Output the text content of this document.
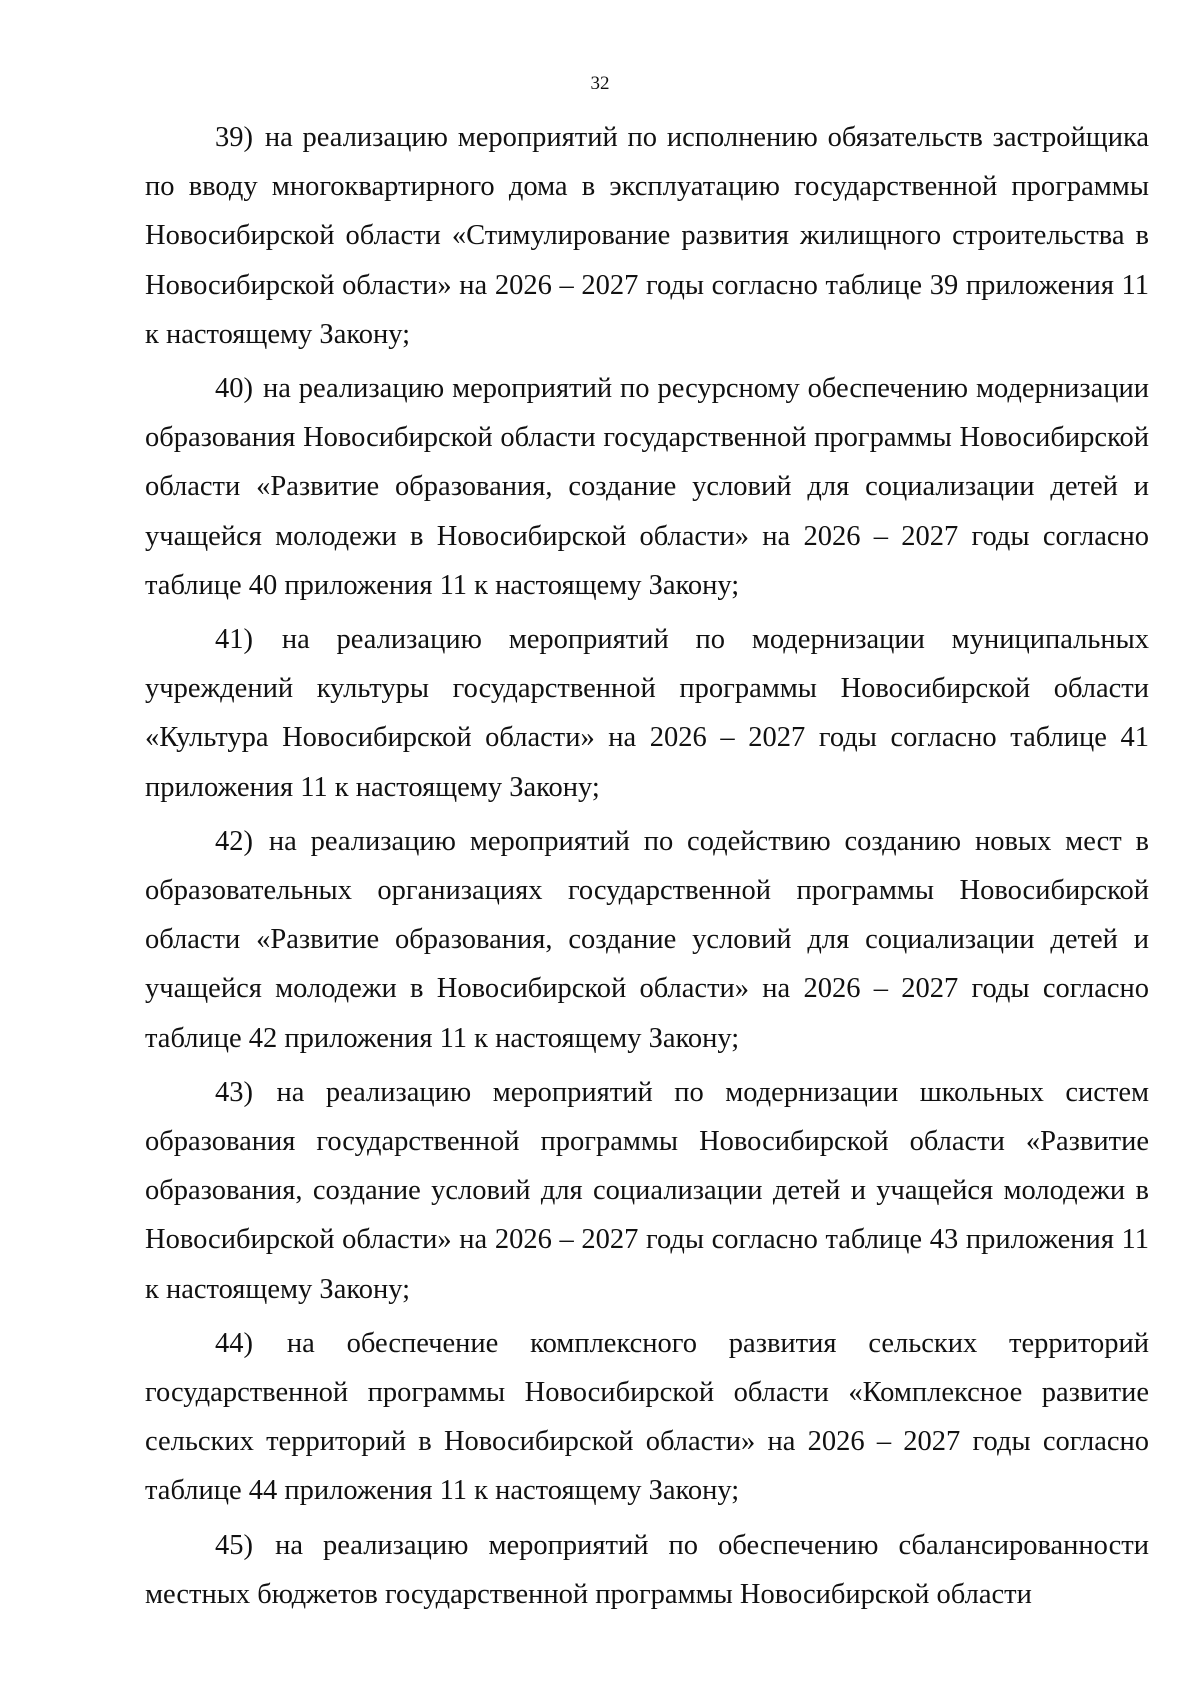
32

39) на реализацию мероприятий по исполнению обязательств застройщика по вводу многоквартирного дома в эксплуатацию государственной программы Новосибирской области «Стимулирование развития жилищного строительства в Новосибирской области» на 2026 – 2027 годы согласно таблице 39 приложения 11 к настоящему Закону;

40) на реализацию мероприятий по ресурсному обеспечению модернизации образования Новосибирской области государственной программы Новосибирской области «Развитие образования, создание условий для социализации детей и учащейся молодежи в Новосибирской области» на 2026 – 2027 годы согласно таблице 40 приложения 11 к настоящему Закону;

41) на реализацию мероприятий по модернизации муниципальных учреждений культуры государственной программы Новосибирской области «Культура Новосибирской области» на 2026 – 2027 годы согласно таблице 41 приложения 11 к настоящему Закону;

42) на реализацию мероприятий по содействию созданию новых мест в образовательных организациях государственной программы Новосибирской области «Развитие образования, создание условий для социализации детей и учащейся молодежи в Новосибирской области» на 2026 – 2027 годы согласно таблице 42 приложения 11 к настоящему Закону;

43) на реализацию мероприятий по модернизации школьных систем образования государственной программы Новосибирской области «Развитие образования, создание условий для социализации детей и учащейся молодежи в Новосибирской области» на 2026 – 2027 годы согласно таблице 43 приложения 11 к настоящему Закону;

44) на обеспечение комплексного развития сельских территорий государственной программы Новосибирской области «Комплексное развитие сельских территорий в Новосибирской области» на 2026 – 2027 годы согласно таблице 44 приложения 11 к настоящему Закону;

45) на реализацию мероприятий по обеспечению сбалансированности местных бюджетов государственной программы Новосибирской области
